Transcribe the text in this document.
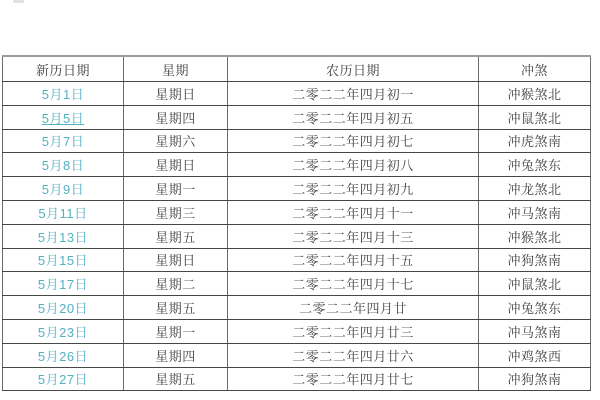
新历日期	星期	农历日期	冲煞
5月1日	星期日	二零二二年四月初一	冲猴煞北
5月5日	星期四	二零二二年四月初五	冲鼠煞北
5月7日	星期六	二零二二年四月初七	冲虎煞南
5月8日	星期日	二零二二年四月初八	冲兔煞东
5月9日	星期一	二零二二年四月初九	冲龙煞北
5月11日	星期三	二零二二年四月十一	冲马煞南
5月13日	星期五	二零二二年四月十三	冲猴煞北
5月15日	星期日	二零二二年四月十五	冲狗煞南
5月17日	星期二	二零二二年四月十七	冲鼠煞北
5月20日	星期五	二零二二年四月廿	冲兔煞东
5月23日	星期一	二零二二年四月廿三	冲马煞南
5月26日	星期四	二零二二年四月廿六	冲鸡煞西
5月27日	星期五	二零二二年四月廿七	冲狗煞南
